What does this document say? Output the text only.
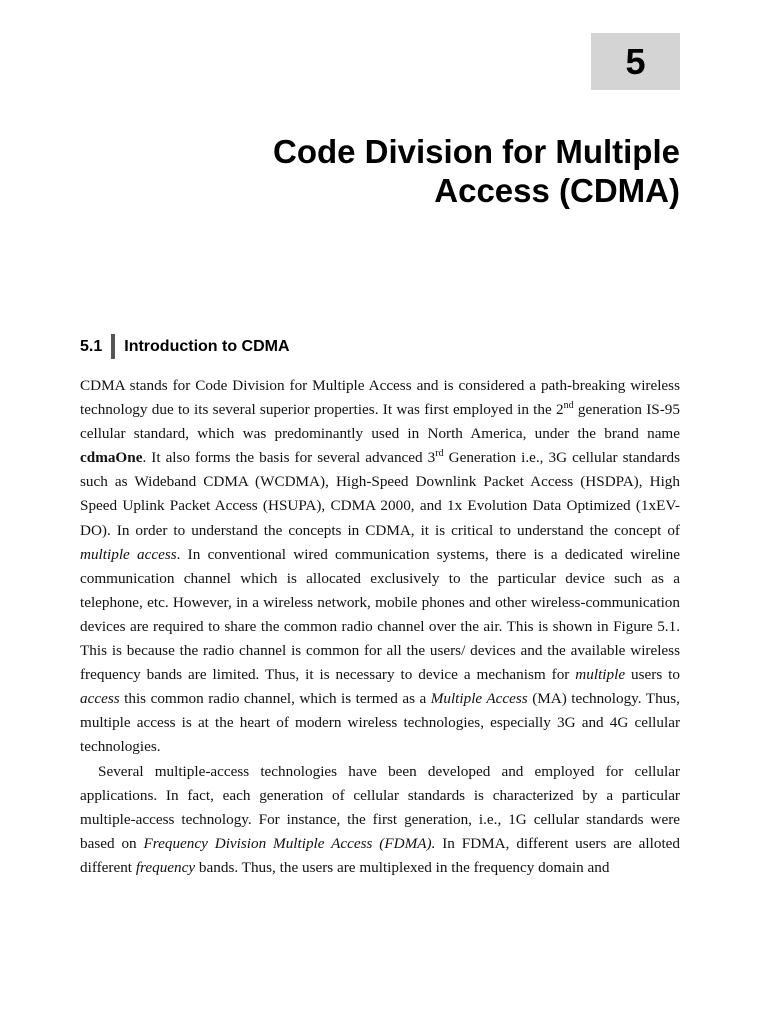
5
Code Division for Multiple
Access (CDMA)
5.1 Introduction to CDMA

CDMA stands for Code Division for Multiple Access and is considered a path-breaking wireless technology due to its several superior properties. It was first employed in the 2nd generation IS-95 cellular standard, which was predominantly used in North America, under the brand name cdmaOne. It also forms the basis for several advanced 3rd Generation i.e., 3G cellular standards such as Wideband CDMA (WCDMA), High-Speed Downlink Packet Access (HSDPA), High Speed Uplink Packet Access (HSUPA), CDMA 2000, and 1x Evolution Data Optimized (1xEV-DO). In order to understand the concepts in CDMA, it is critical to understand the concept of multiple access. In conventional wired communication systems, there is a dedicated wireline communication channel which is allocated exclusively to the particular device such as a telephone, etc. However, in a wireless network, mobile phones and other wireless-communication devices are required to share the common radio channel over the air. This is shown in Figure 5.1. This is because the radio channel is common for all the users/ devices and the available wireless frequency bands are limited. Thus, it is necessary to device a mechanism for multiple users to access this common radio channel, which is termed as a Multiple Access (MA) technology. Thus, multiple access is at the heart of modern wireless technologies, especially 3G and 4G cellular technologies.

Several multiple-access technologies have been developed and employed for cellular applications. In fact, each generation of cellular standards is characterized by a particular multiple-access technology. For instance, the first generation, i.e., 1G cellular standards were based on Frequency Division Multiple Access (FDMA). In FDMA, different users are alloted different frequency bands. Thus, the users are multiplexed in the frequency domain and
